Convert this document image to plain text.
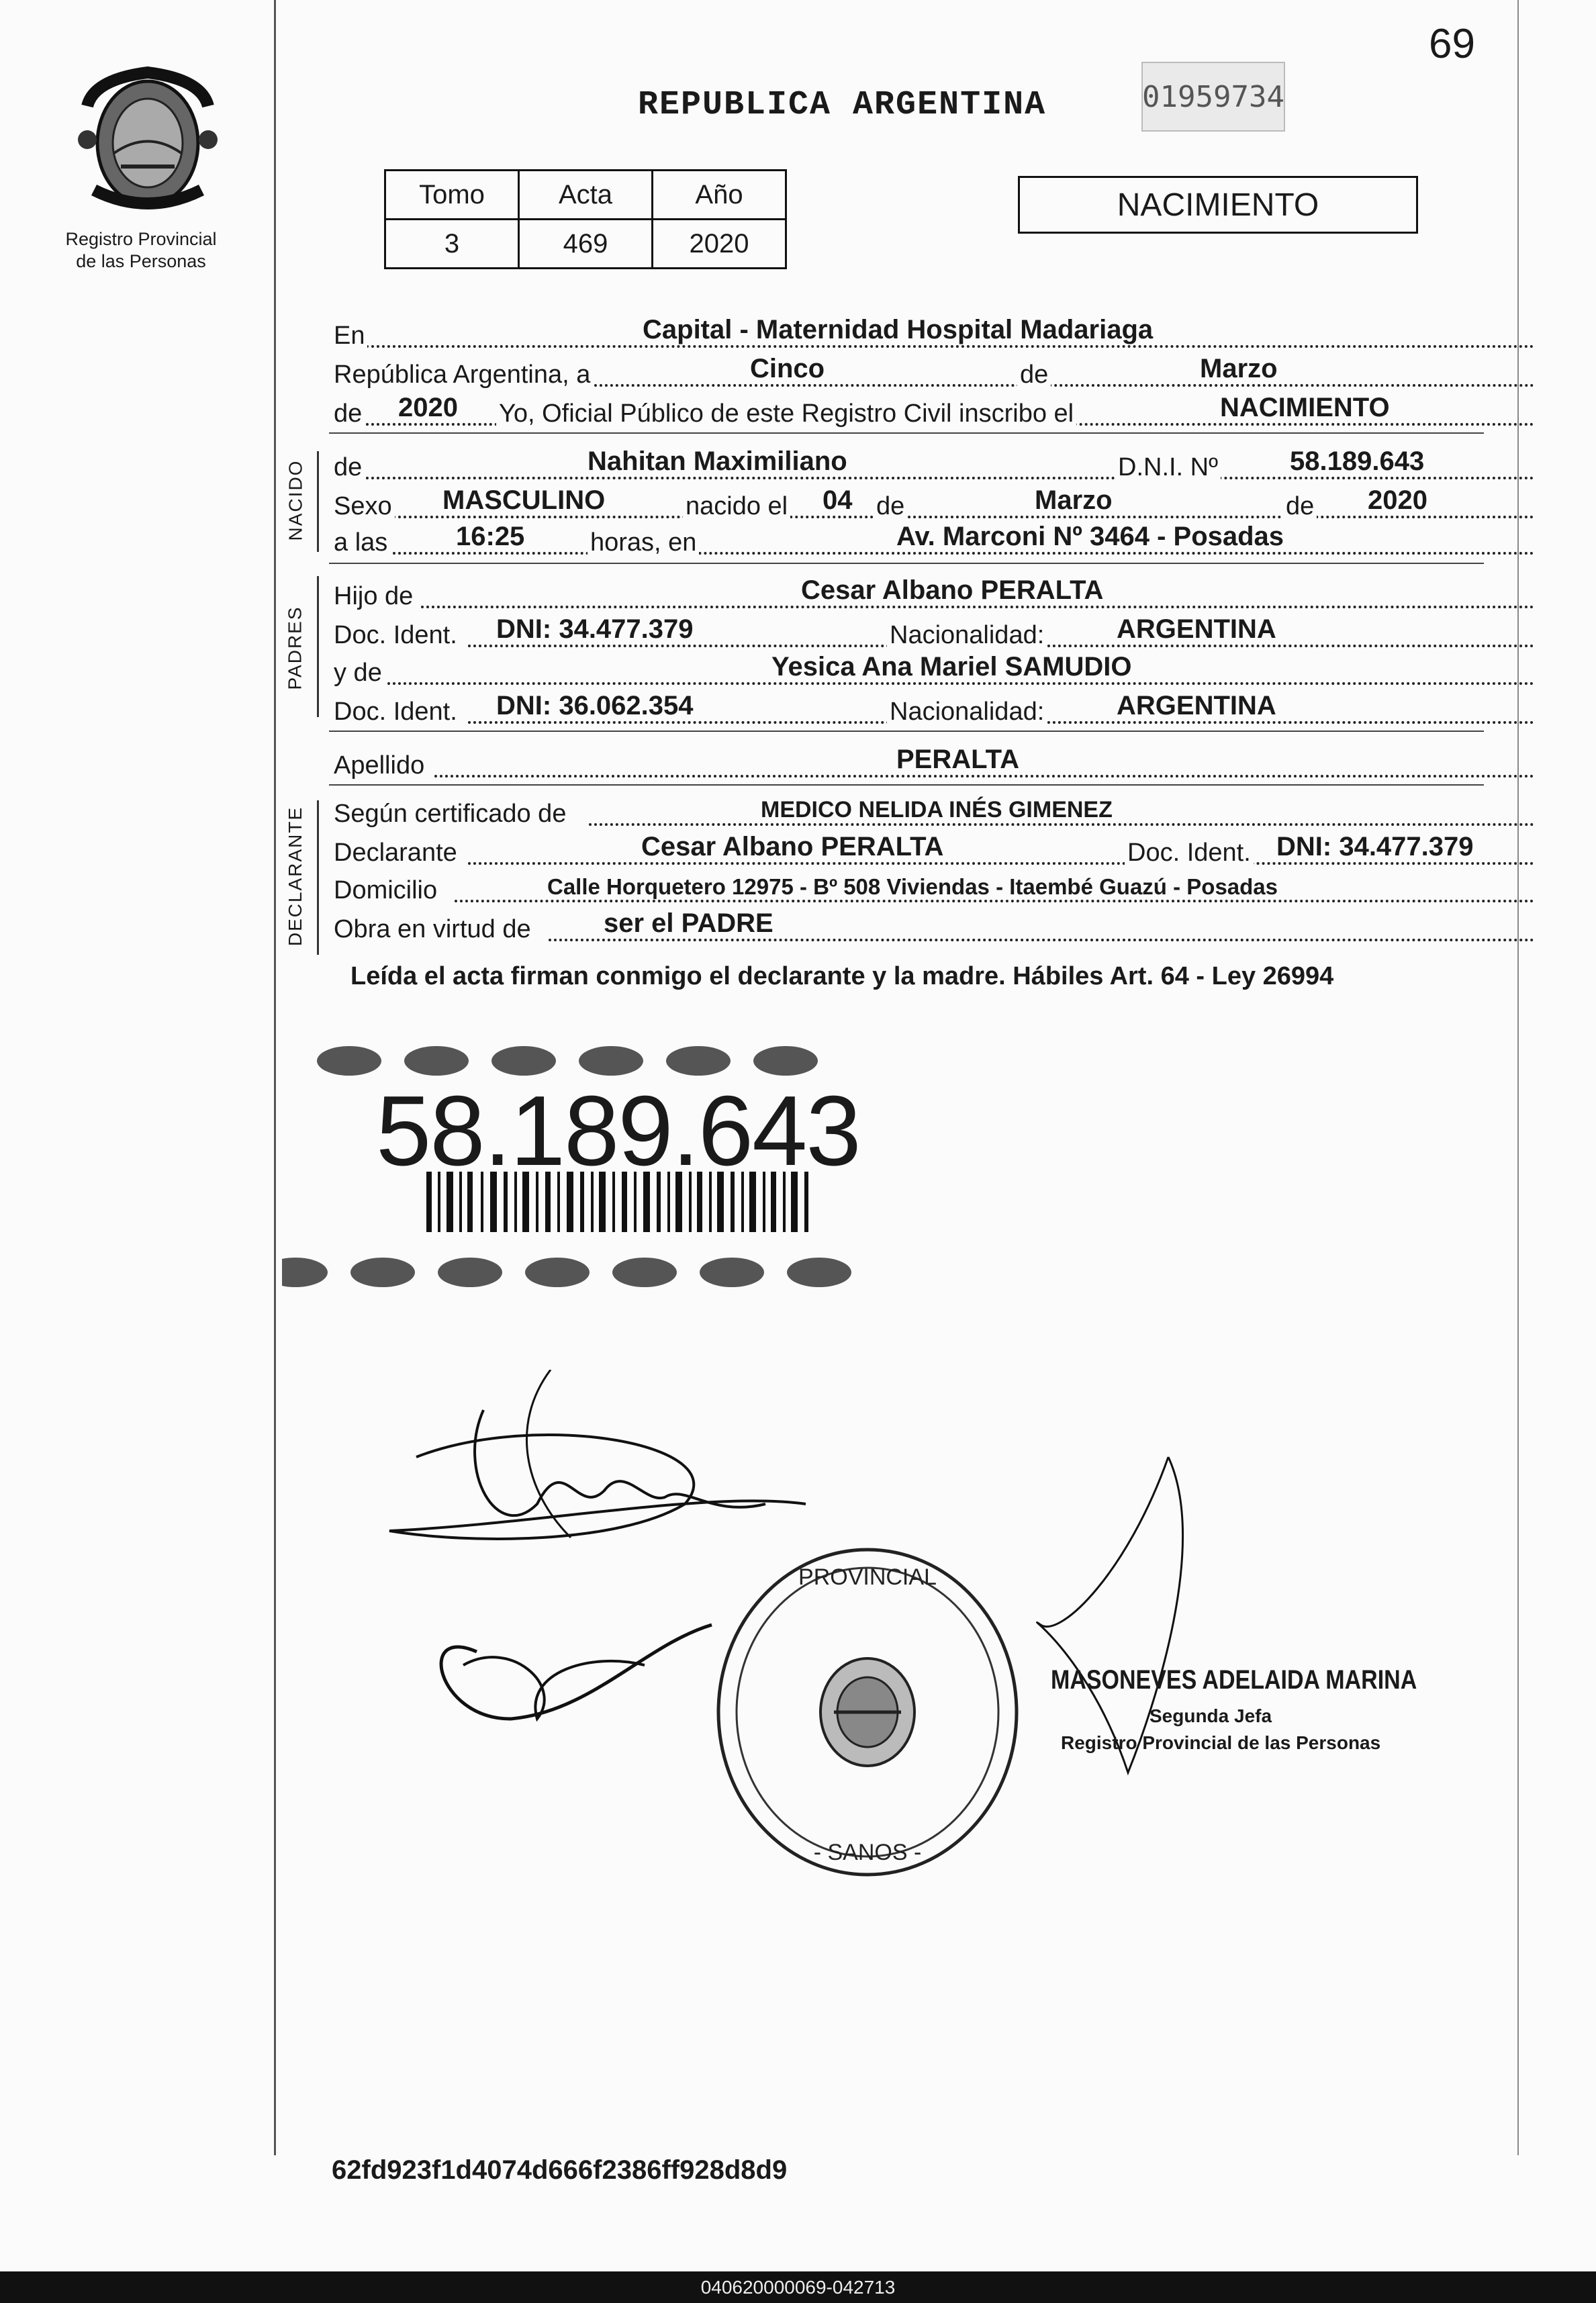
69
Registro Provincial
de las Personas
REPUBLICA ARGENTINA	01959734
Tomo	Acta	Año
3	469	2020
NACIMIENTO
En	Capital - Maternidad Hospital Madariaga
República Argentina, a	Cinco	de	Marzo
de 2020 Yo, Oficial Público de este Registro Civil inscribo el	NACIMIENTO
NACIDO de	Nahitan Maximiliano	D.N.I. Nº	58.189.643
Sexo MASCULINO	nacido el 04 de	Marzo	de 2020
a las	16:25	horas, en	Av. Marconi Nº 3464 - Posadas
PADRES
Hijo de	Cesar Albano PERALTA
Doc. Ident. DNI: 34.477.379	Nacionalidad:	ARGENTINA
y de	Yesica Ana Mariel SAMUDIO
Doc. Ident. DNI: 36.062.354	Nacionalidad:	ARGENTINA
Apellido	PERALTA
DECLARANTE Según certificado de	MEDICO NELIDA INÉS GIMENEZ
Declarante	Cesar Albano PERALTA	Doc. Ident. DNI: 34.477.379
Domicilio	Calle Horquetero 12975 - Bº 508 Viviendas - Itaembé Guazú - Posadas
Obra en virtud de	ser el PADRE
Leída el acta firman conmigo el declarante y la madre. Hábiles Art. 64 - Ley 26994
58.189.643
PROVINCIAL
- SANOS -
MASONEVES ADELAIDA MARINA
Segunda Jefa
Registro Provincial de las Personas
62fd923f1d4074d666f2386ff928d8d9
040620000069-042713
